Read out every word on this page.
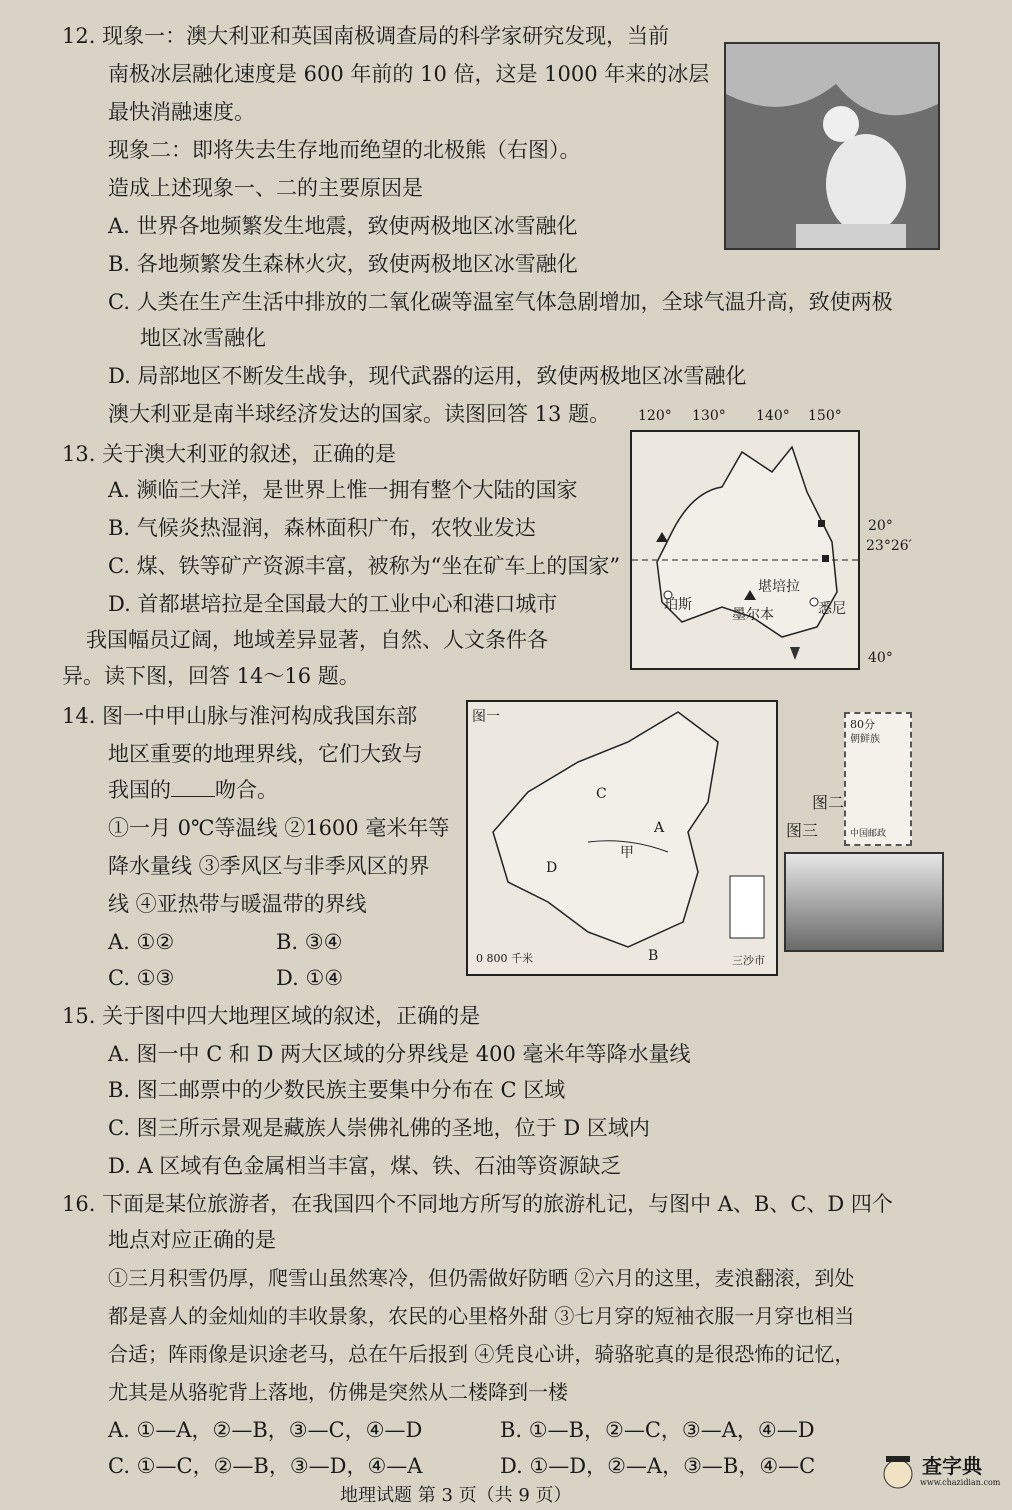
12. 现象一：澳大利亚和英国南极调查局的科学家研究发现，当前
南极冰层融化速度是 600 年前的 10 倍，这是 1000 年来的冰层
最快消融速度。
现象二：即将失去生存地而绝望的北极熊（右图）。
造成上述现象一、二的主要原因是
A. 世界各地频繁发生地震，致使两极地区冰雪融化
B. 各地频繁发生森林火灾，致使两极地区冰雪融化
C. 人类在生产生活中排放的二氧化碳等温室气体急剧增加，全球气温升高，致使两极
地区冰雪融化
D. 局部地区不断发生战争，现代武器的运用，致使两极地区冰雪融化
澳大利亚是南半球经济发达的国家。读图回答 13 题。
13. 关于澳大利亚的叙述，正确的是
A. 濒临三大洋，是世界上惟一拥有整个大陆的国家
B. 气候炎热湿润，森林面积广布，农牧业发达
C. 煤、铁等矿产资源丰富，被称为“坐在矿车上的国家”
D. 首都堪培拉是全国最大的工业中心和港口城市
我国幅员辽阔，地域差异显著，自然、人文条件各
异。读下图，回答 14～16 题。
120° 130° 140° 150°
珀斯
堪培拉
墨尔本	悉尼
20°
23°26′
40°
14. 图一中甲山脉与淮河构成我国东部
地区重要的地理界线，它们大致与
我国的 吻合。
①一月 0℃等温线 ②1600 毫米年等
降水量线 ③季风区与非季风区的界
线 ④亚热带与暖温带的界线
A. ①②	B. ③④
C. ①③	D. ①④
图一
C
A
D
甲
B
0 800 千米	三沙市
图二
图三
80分
朝鲜族
中国邮政
15. 关于图中四大地理区域的叙述，正确的是
A. 图一中 C 和 D 两大区域的分界线是 400 毫米年等降水量线
B. 图二邮票中的少数民族主要集中分布在 C 区域
C. 图三所示景观是藏族人崇佛礼佛的圣地，位于 D 区域内
D. A 区域有色金属相当丰富，煤、铁、石油等资源缺乏
16. 下面是某位旅游者，在我国四个不同地方所写的旅游札记，与图中 A、B、C、D 四个
地点对应正确的是
①三月积雪仍厚，爬雪山虽然寒冷，但仍需做好防晒 ②六月的这里，麦浪翻滚，到处
都是喜人的金灿灿的丰收景象，农民的心里格外甜 ③七月穿的短袖衣服一月穿也相当
合适；阵雨像是识途老马，总在午后报到 ④凭良心讲，骑骆驼真的是很恐怖的记忆，
尤其是从骆驼背上落地，仿佛是突然从二楼降到一楼
A. ①—A，②—B，③—C，④—D	B. ①—B，②—C，③—A，④—D
C. ①—C，②—B，③—D，④—A	D. ①—D，②—A，③—B，④—C
地理试题 第 3 页（共 9 页）
查字典
www.chazidian.com
